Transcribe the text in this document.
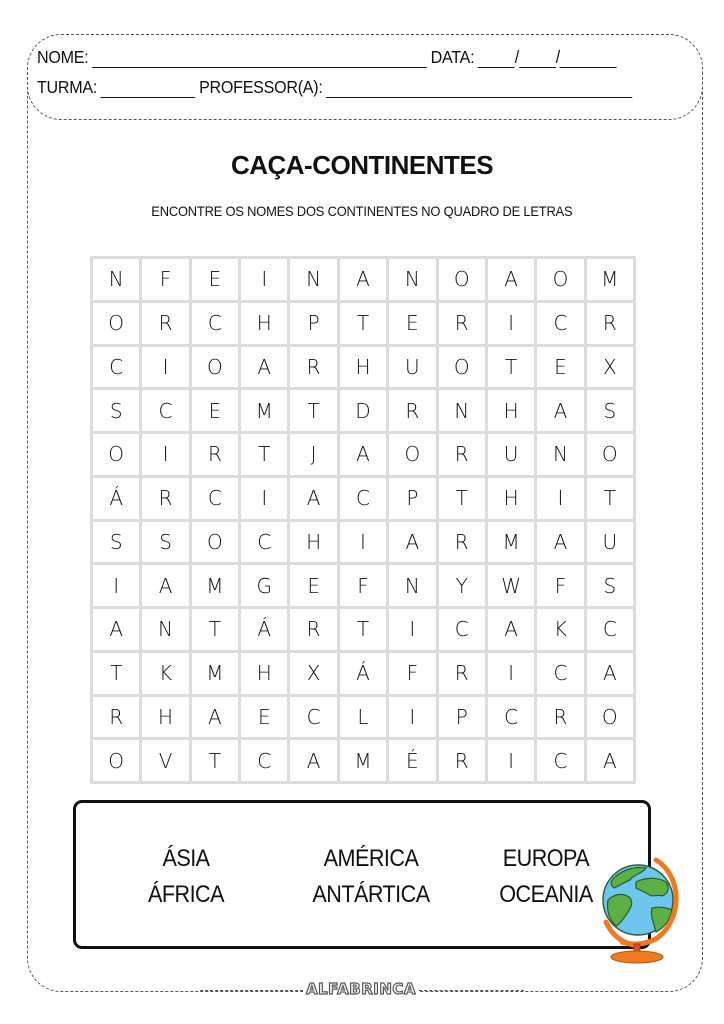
NOME:	DATA: / /
TURMA:	PROFESSOR(A):
CAÇA-CONTINENTES
ENCONTRE OS NOMES DOS CONTINENTES NO QUADRO DE LETRAS
N	F	E	I	N	A	N	O	A	O	M
O	R	C	H	P	T	E	R	I	C	R
C	I	O	A	R	H	U	O	T	E	X
S	C	E	M	T	D	R	N	H	A	S
O	I	R	T	J	A	O	R	U	N	O
Á	R	C	I	A	C	P	T	H	I	T
S	S	O	C	H	I	A	R	M	A	U
I	A	M	G	E	F	N	Y	W	F	S
A	N	T	Á	R	T	I	C	A	K	C
T	K	M	H	X	Á	F	R	I	C	A
R	H	A	E	C	L	I	P	C	R	O
O	V	T	C	A	M	É	R	I	C	A
ÁSIA
ÁFRICA
AMÉRICA
ANTÁRTICA
EUROPA
OCEANIA
ALFABRINCA
